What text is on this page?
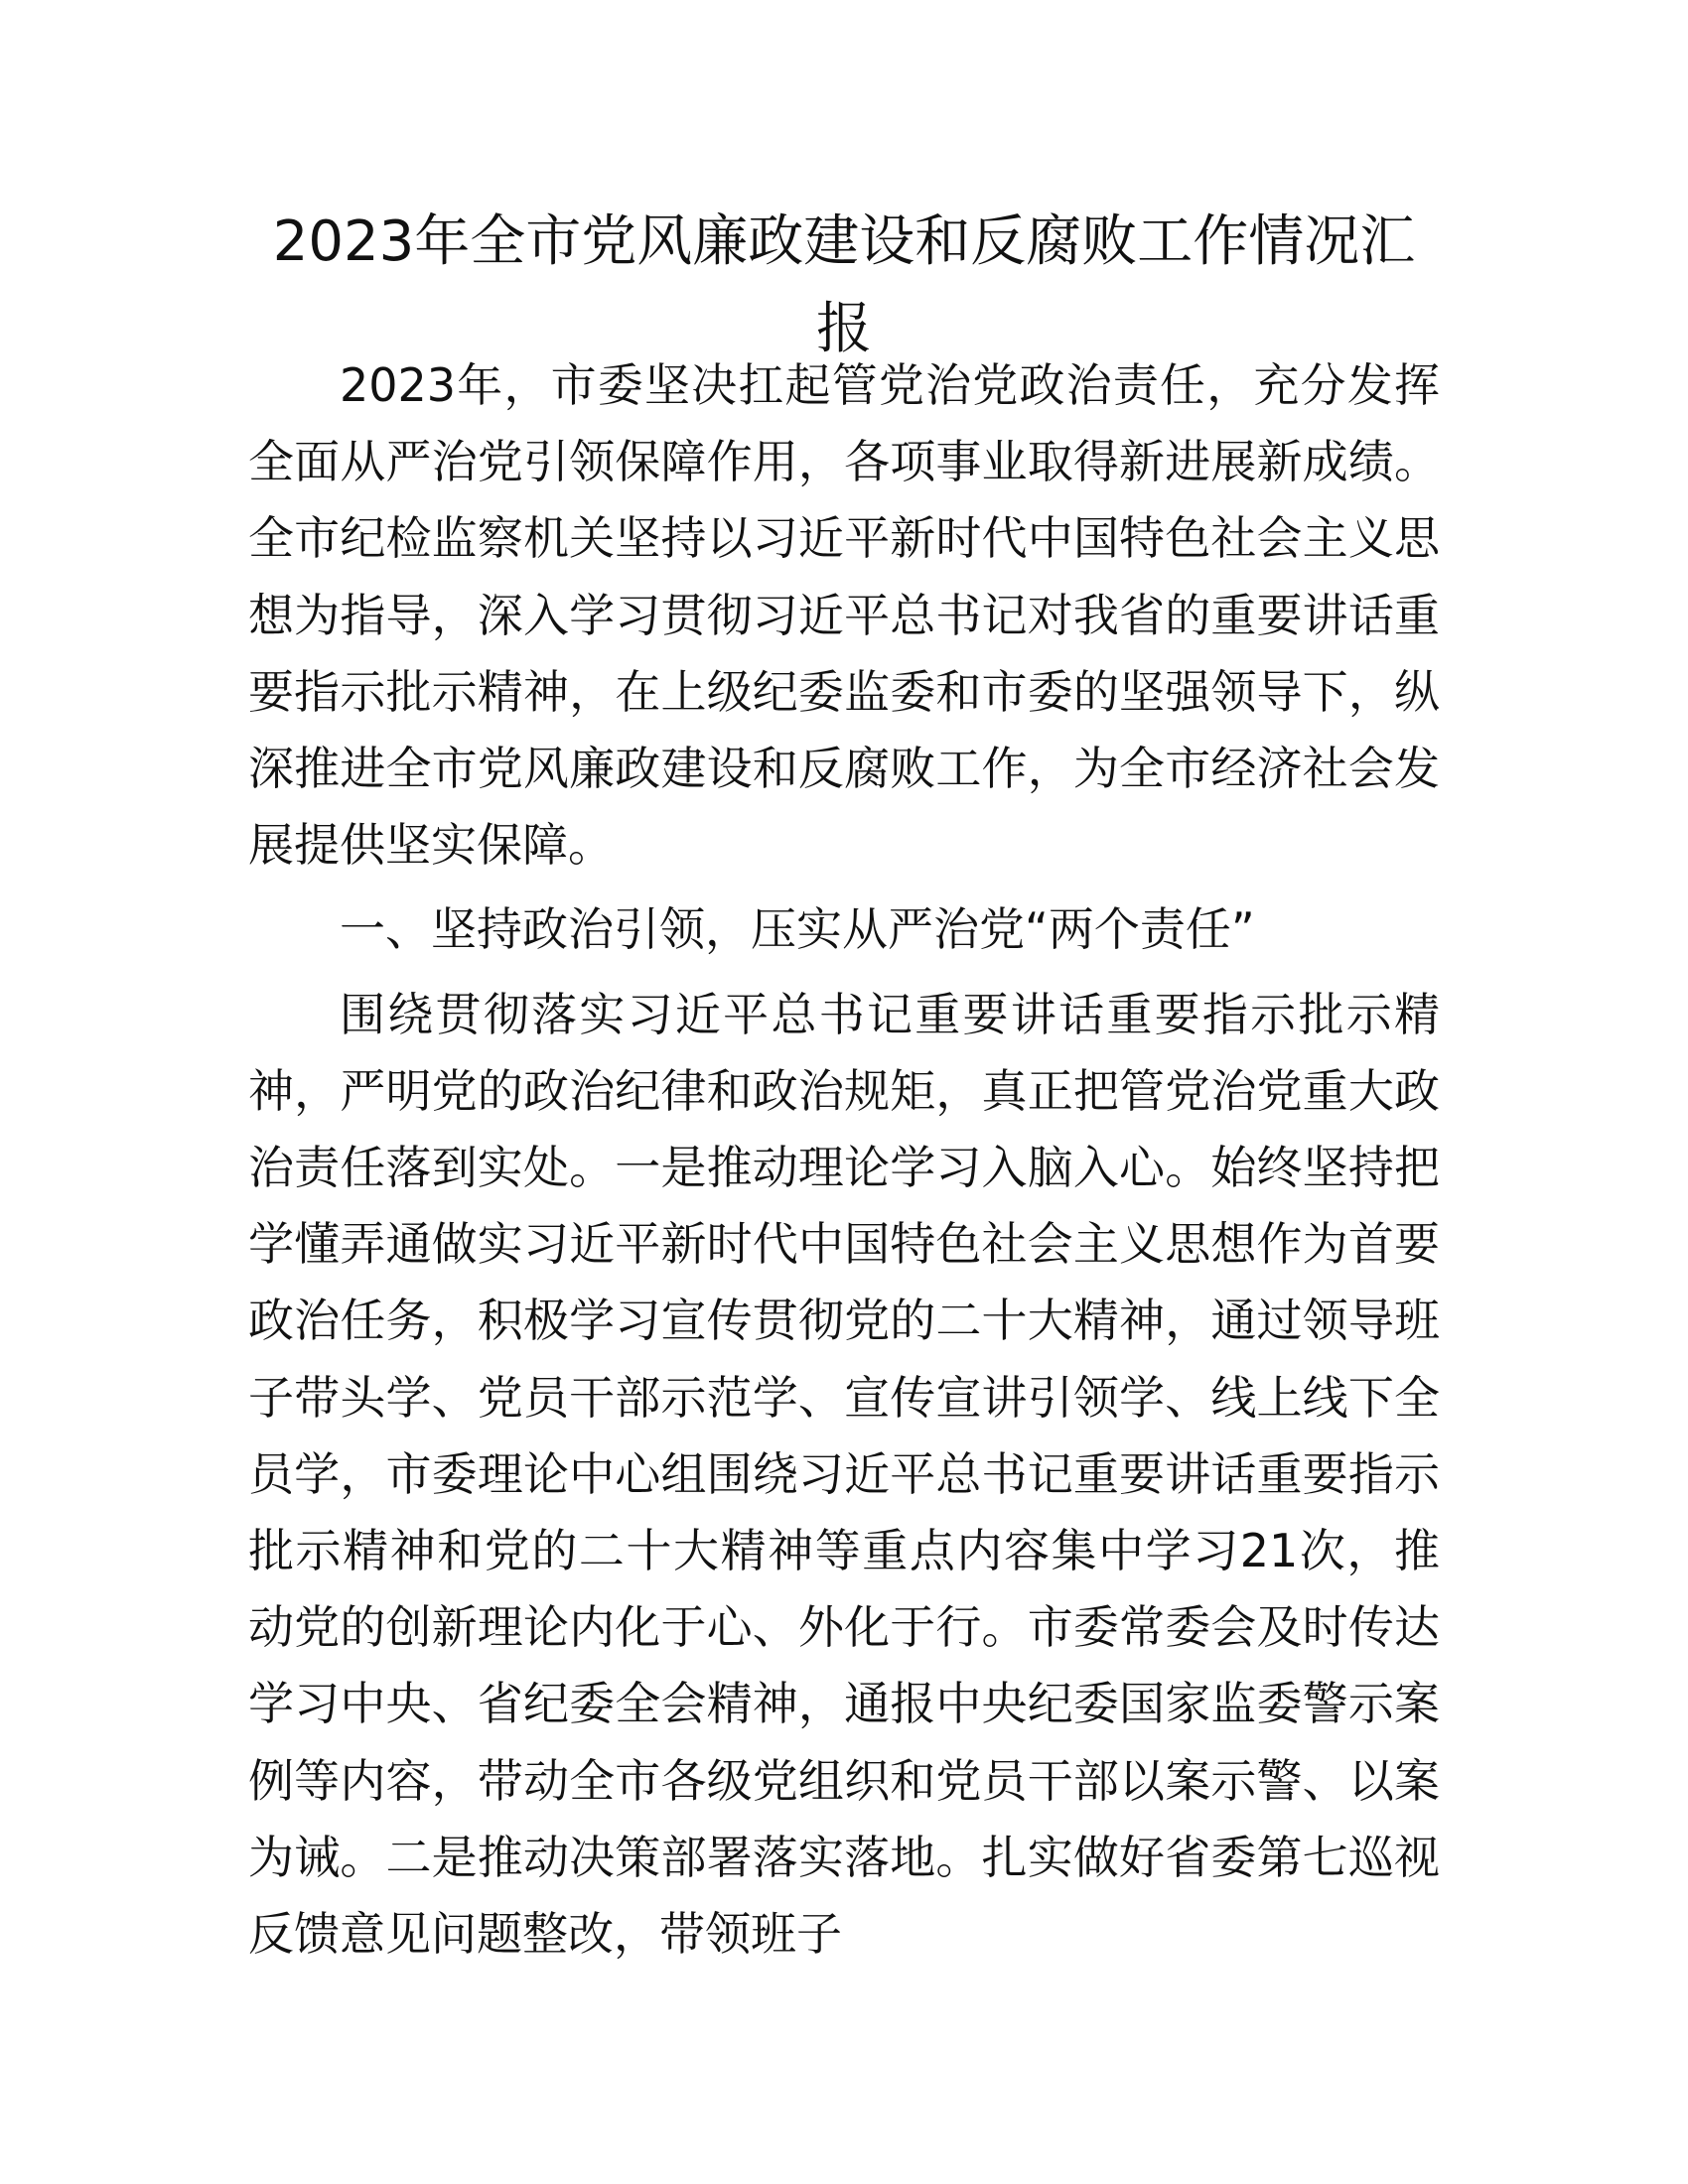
2023年全市党风廉政建设和反腐败工作情况汇
报

2023年，市委坚决扛起管党治党政治责任，充分发挥全面从严治党引领保障作用，各项事业取得新进展新成绩。全市纪检监察机关坚持以习近平新时代中国特色社会主义思想为指导，深入学习贯彻习近平总书记对我省的重要讲话重要指示批示精神，在上级纪委监委和市委的坚强领导下，纵深推进全市党风廉政建设和反腐败工作，为全市经济社会发展提供坚实保障。

一、坚持政治引领，压实从严治党“两个责任”

围绕贯彻落实习近平总书记重要讲话重要指示批示精神，严明党的政治纪律和政治规矩，真正把管党治党重大政治责任落到实处。一是推动理论学习入脑入心。始终坚持把学懂弄通做实习近平新时代中国特色社会主义思想作为首要政治任务，积极学习宣传贯彻党的二十大精神，通过领导班子带头学、党员干部示范学、宣传宣讲引领学、线上线下全员学，市委理论中心组围绕习近平总书记重要讲话重要指示批示精神和党的二十大精神等重点内容集中学习21次，推动党的创新理论内化于心、外化于行。市委常委会及时传达学习中央、省纪委全会精神，通报中央纪委国家监委警示案例等内容，带动全市各级党组织和党员干部以案示警、以案为诫。二是推动决策部署落实落地。扎实做好省委第七巡视反馈意见问题整改，带领班子
